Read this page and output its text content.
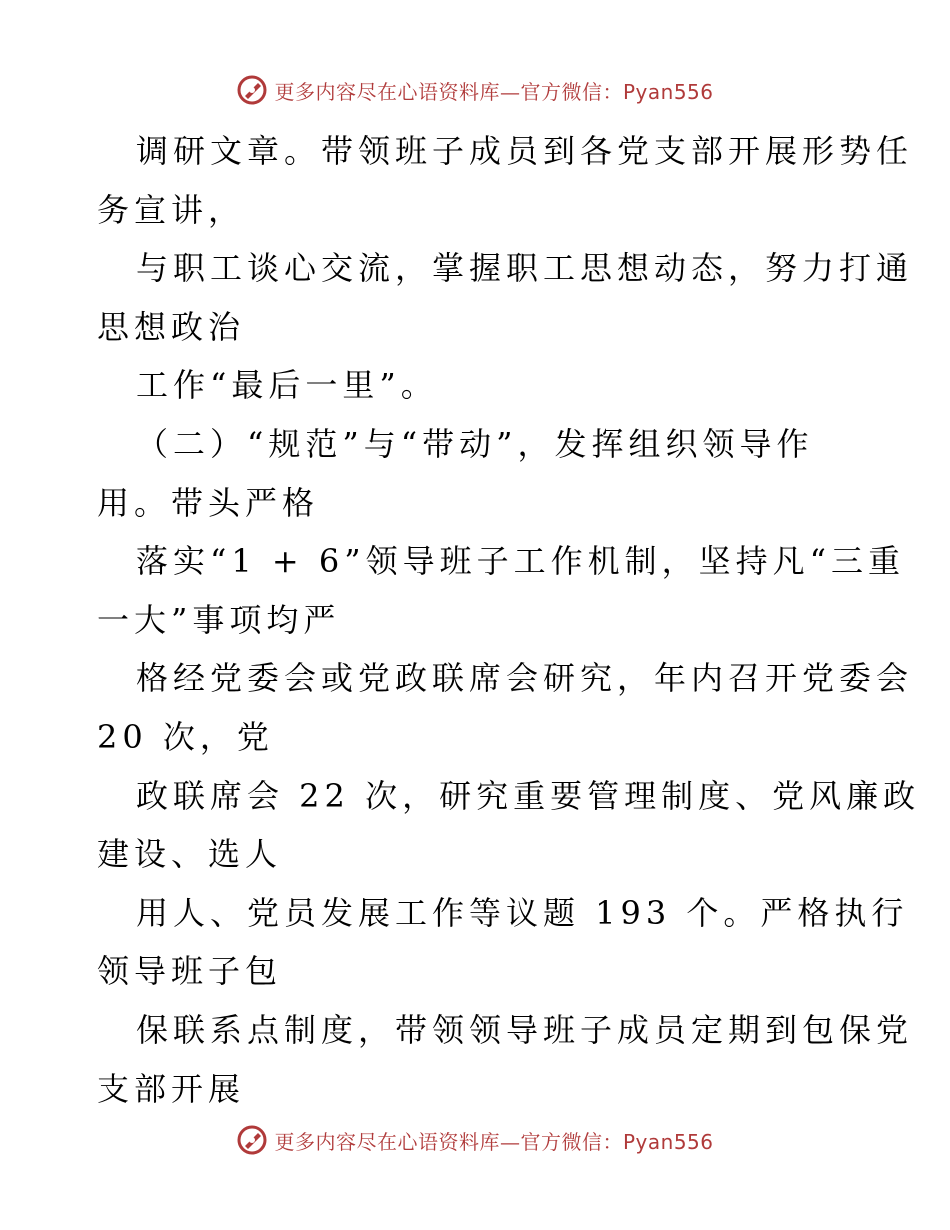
更多内容尽在心语资料库—官方微信：Pyan556
调研文章。带领班子成员到各党支部开展形势任
务宣讲，
与职工谈心交流，掌握职工思想动态，努力打通
思想政治
工作“最后一里”。
（二）“规范”与“带动”，发挥组织领导作
用。带头严格
落实“1 + 6”领导班子工作机制，坚持凡“三重
一大”事项均严
格经党委会或党政联席会研究，年内召开党委会
20 次，党
政联席会 22 次，研究重要管理制度、党风廉政
建设、选人
用人、党员发展工作等议题 193 个。严格执行
领导班子包
保联系点制度，带领领导班子成员定期到包保党
支部开展
更多内容尽在心语资料库—官方微信：Pyan556
